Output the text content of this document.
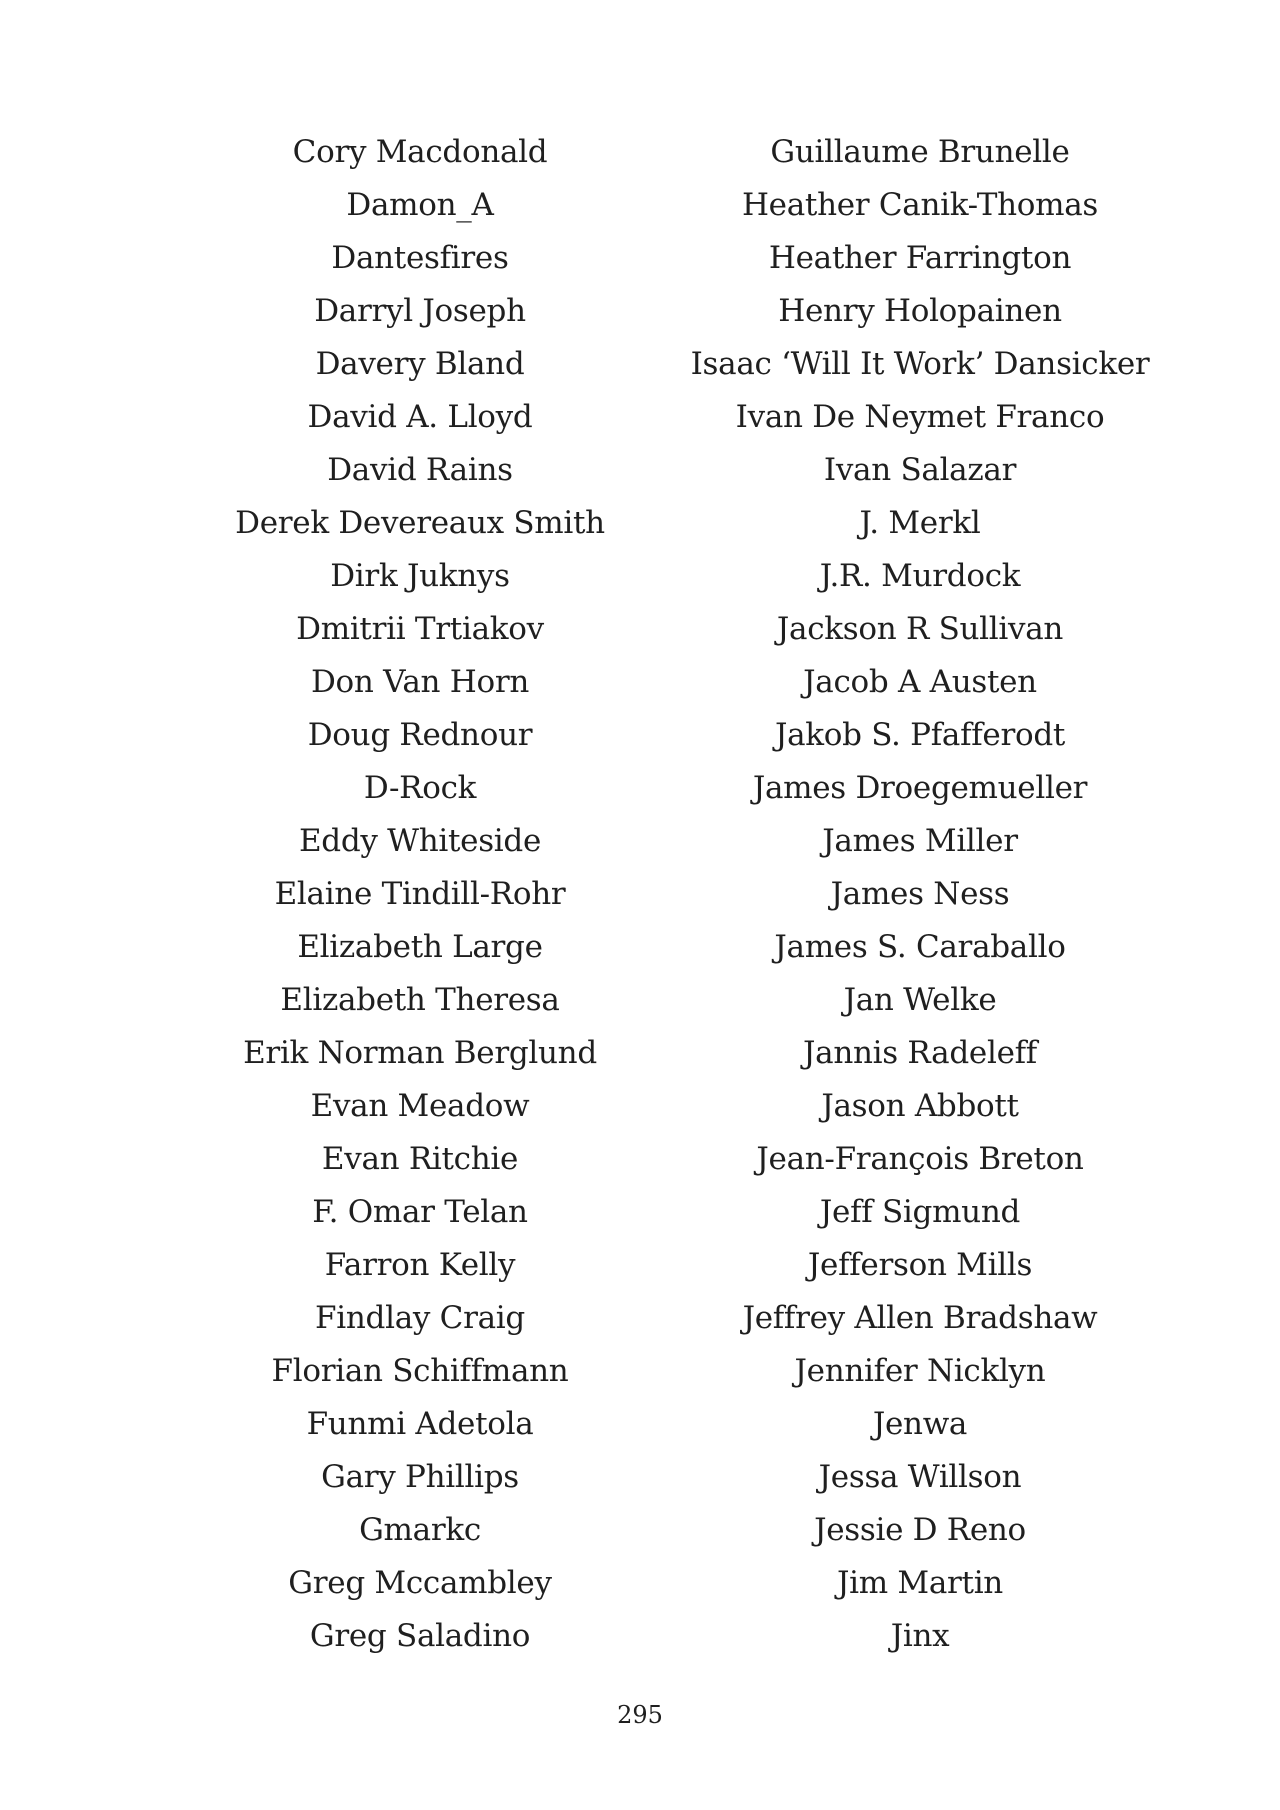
Cory Macdonald
Damon_A
Dantesfires
Darryl Joseph
Davery Bland
David A. Lloyd
David Rains
Derek Devereaux Smith
Dirk Juknys
Dmitrii Trtiakov
Don Van Horn
Doug Rednour
D-Rock
Eddy Whiteside
Elaine Tindill-Rohr
Elizabeth Large
Elizabeth Theresa
Erik Norman Berglund
Evan Meadow
Evan Ritchie
F. Omar Telan
Farron Kelly
Findlay Craig
Florian Schiffmann
Funmi Adetola
Gary Phillips
Gmarkc
Greg Mccambley
Greg Saladino
Guillaume Brunelle
Heather Canik-Thomas
Heather Farrington
Henry Holopainen
Isaac ‘Will It Work’ Dansicker
Ivan De Neymet Franco
Ivan Salazar
J. Merkl
J.R. Murdock
Jackson R Sullivan
Jacob A Austen
Jakob S. Pfafferodt
James Droegemueller
James Miller
James Ness
James S. Caraballo
Jan Welke
Jannis Radeleff
Jason Abbott
Jean-François Breton
Jeff Sigmund
Jefferson Mills
Jeffrey Allen Bradshaw
Jennifer Nicklyn
Jenwa
Jessa Willson
Jessie D Reno
Jim Martin
Jinx
295
